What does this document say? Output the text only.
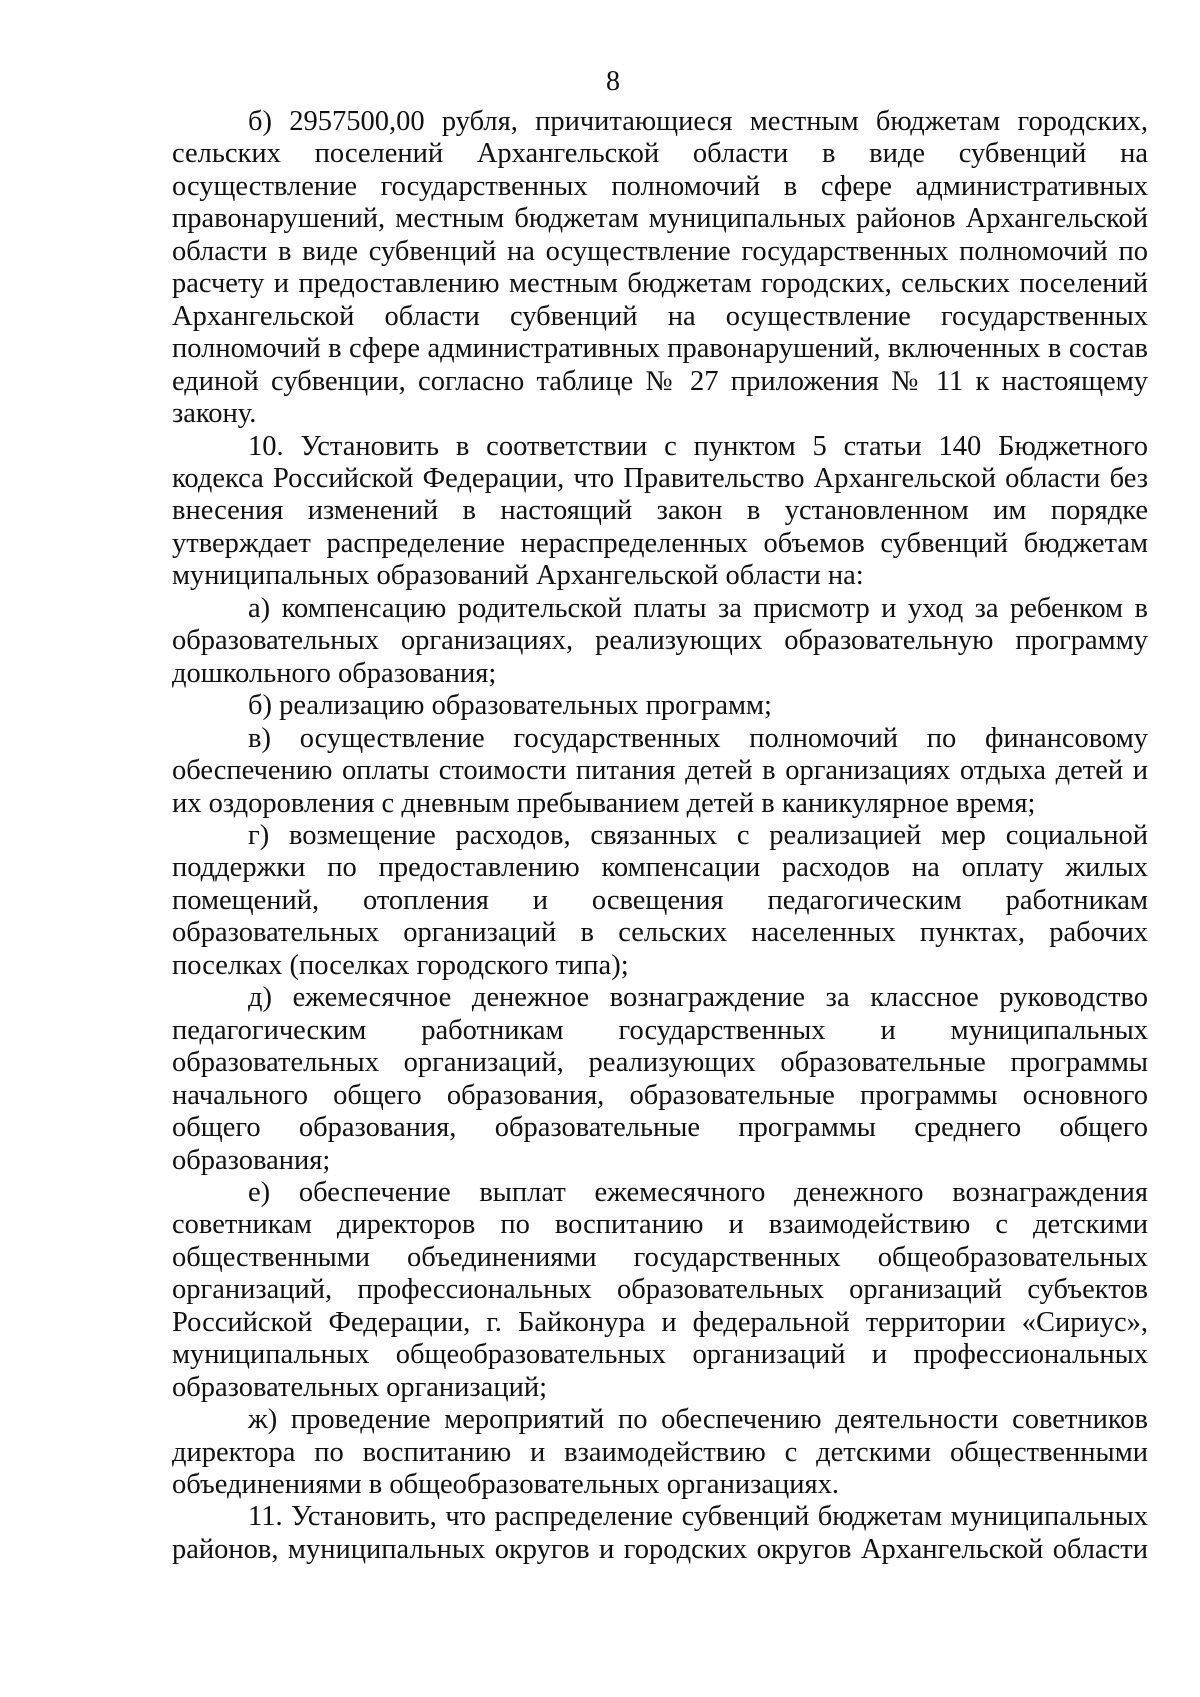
8

б) 2957500,00 рубля, причитающиеся местным бюджетам городских, сельских поселений Архангельской области в виде субвенций на осуществление государственных полномочий в сфере административных правонарушений, местным бюджетам муниципальных районов Архангельской области в виде субвенций на осуществление государственных полномочий по расчету и предоставлению местным бюджетам городских, сельских поселений Архангельской области субвенций на осуществление государственных полномочий в сфере административных правонарушений, включенных в состав единой субвенции, согласно таблице № 27 приложения № 11 к настоящему закону.

10. Установить в соответствии с пунктом 5 статьи 140 Бюджетного кодекса Российской Федерации, что Правительство Архангельской области без внесения изменений в настоящий закон в установленном им порядке утверждает распределение нераспределенных объемов субвенций бюджетам муниципальных образований Архангельской области на:

а) компенсацию родительской платы за присмотр и уход за ребенком в образовательных организациях, реализующих образовательную программу дошкольного образования;

б) реализацию образовательных программ;

в) осуществление государственных полномочий по финансовому обеспечению оплаты стоимости питания детей в организациях отдыха детей и их оздоровления с дневным пребыванием детей в каникулярное время;

г) возмещение расходов, связанных с реализацией мер социальной поддержки по предоставлению компенсации расходов на оплату жилых помещений, отопления и освещения педагогическим работникам образовательных организаций в сельских населенных пунктах, рабочих поселках (поселках городского типа);

д) ежемесячное денежное вознаграждение за классное руководство педагогическим работникам государственных и муниципальных образовательных организаций, реализующих образовательные программы начального общего образования, образовательные программы основного общего образования, образовательные программы среднего общего образования;

е) обеспечение выплат ежемесячного денежного вознаграждения советникам директоров по воспитанию и взаимодействию с детскими общественными объединениями государственных общеобразовательных организаций, профессиональных образовательных организаций субъектов Российской Федерации, г. Байконура и федеральной территории «Сириус», муниципальных общеобразовательных организаций и профессиональных образовательных организаций;

ж) проведение мероприятий по обеспечению деятельности советников директора по воспитанию и взаимодействию с детскими общественными объединениями в общеобразовательных организациях.

11. Установить, что распределение субвенций бюджетам муниципальных районов, муниципальных округов и городских округов Архангельской области
